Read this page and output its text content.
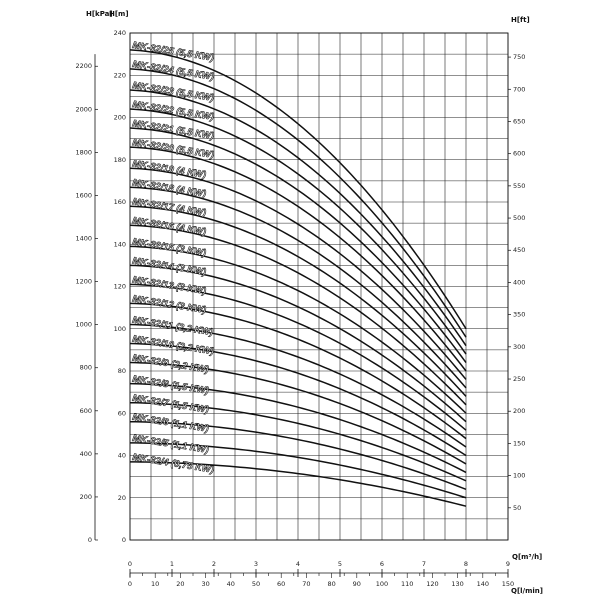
MK-32/25 (5,5 KW)
MK-32/24 (5,5 KW)
MK-32/23 (5,5 KW)
MK-32/22 (5,5 KW)
MK-32/21 (5,5 KW)
MK-32/20 (5,5 KW)
MK-32/19 (4 KW)
MK-32/18 (4 KW)
MK-32/17 (4 KW)
MK-32/16 (4 KW)
MK-32/15 (3 KW)
MK-32/14 (3 KW)
MK-32/13 (3 KW)
MK-32/12 (3 KW)
MK-32/11 (2,2 KW)
MK-32/10 (2,2 KW)
MK-32/9 (2,2 KW)
MK-32/8 (1,5 KW)
MK-32/7 (1,5 KW)
MK-32/6 (1,1 KW)
MK-32/5 (1,1 KW)
MK-32/4 (0,75 KW)
0
200
400
600
800
1000
1200
1400
1600
1800
2000
2200
0
20
40
60
80
100
120
140
160
180
200
220
240
50
100
150
200
250
300
350
400
450
500
550
600
650
700
750
0	1	2	3	4	5	6	7	8	9
0	10	20	30	40	50	60	70	80	90 100 110 120 130 140 150
H[kPa]
H[m]
H[ft]
Q[m³/h]
Q[l/min]
